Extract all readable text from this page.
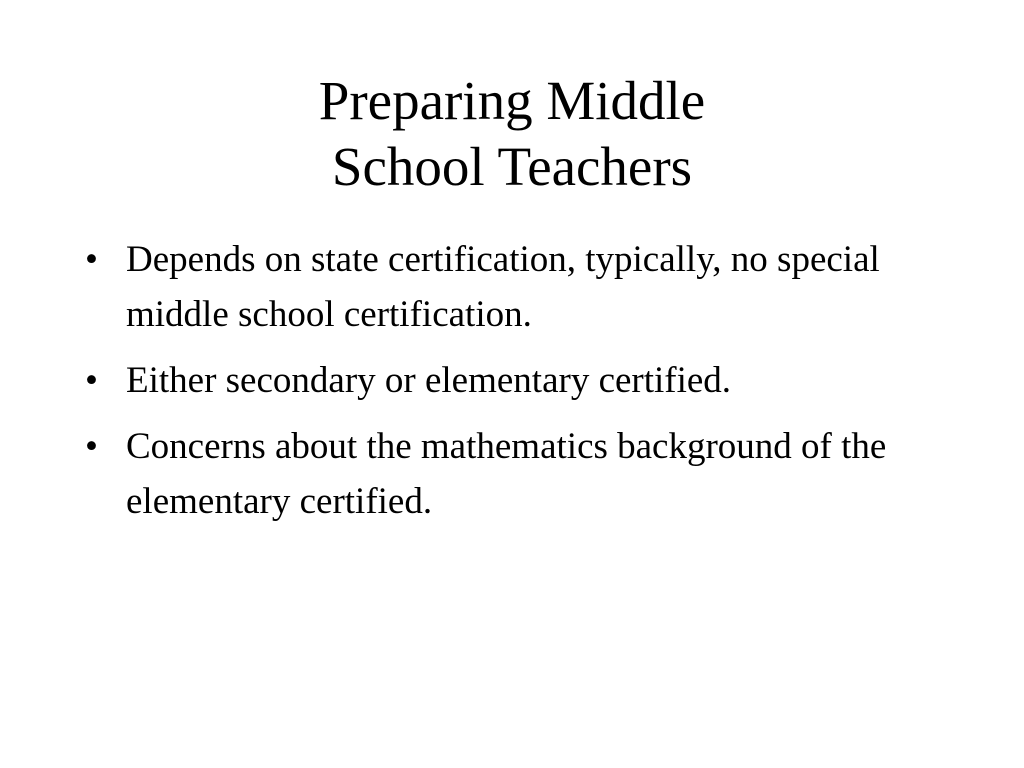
Preparing Middle
School Teachers
• Depends on state certification, typically, no special middle school certification.
• Either secondary or elementary certified.
• Concerns about the mathematics background of the elementary certified.
